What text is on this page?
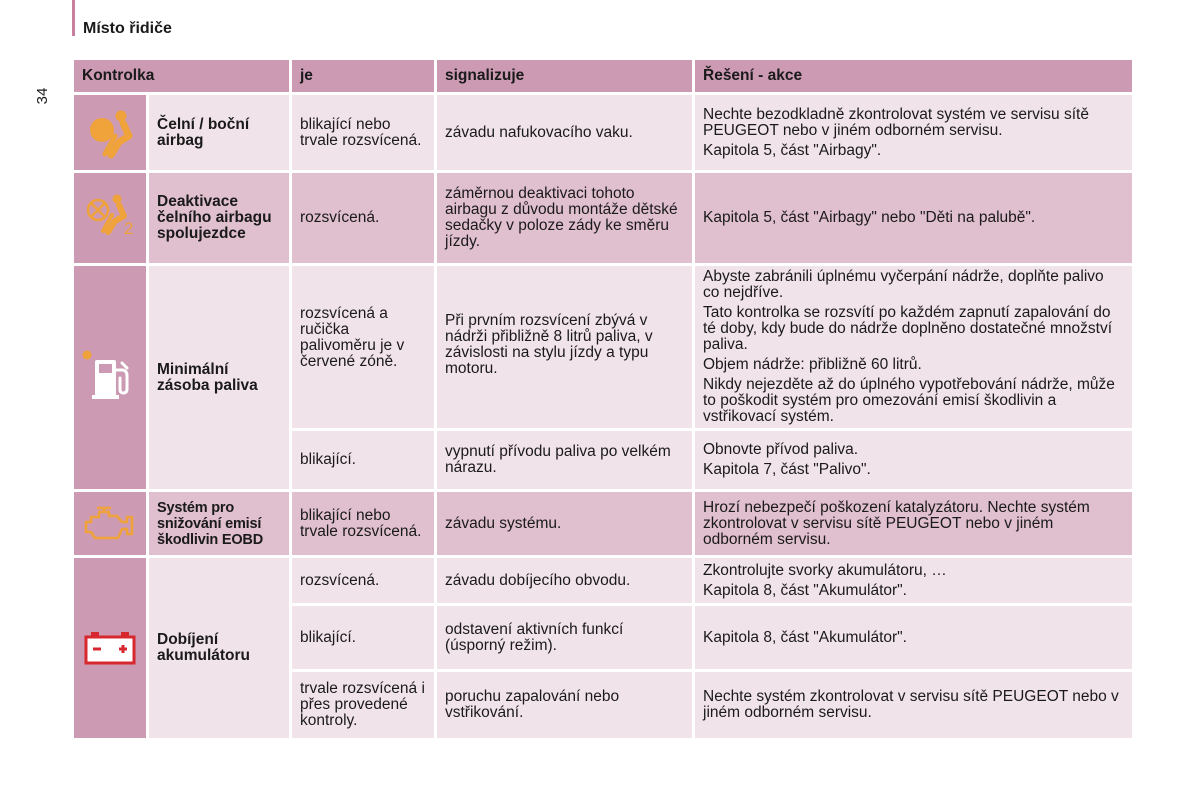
Místo řidiče
34
Kontrolka		je	signalizuje	Řešení - akce

	Čelní / boční airbag	blikající nebo trvale rozsvícená.	závadu nafukovacího vaku.	Nechte bezodkladně zkontrolovat systém ve servisu sítě PEUGEOT nebo v jiném odborném servisu.

Kapitola 5, část "Airbagy".

2	Deaktivace čelního airbagu spolujezdce	rozsvícená.	záměrnou deaktivaci tohoto airbagu z důvodu montáže dětské sedačky v poloze zády ke směru jízdy.	Kapitola 5, část "Airbagy" nebo "Děti na palubě".

	Minimální zásoba paliva	rozsvícená a ručička palivoměru je v červené zóně.	Při prvním rozsvícení zbývá v nádrži přibližně 8 litrů paliva, v závislosti na stylu jízdy a typu motoru.	Abyste zabránili úplnému vyčerpání nádrže, doplňte palivo co nejdříve.

Tato kontrolka se rozsvítí po každém zapnutí zapalování do té doby, kdy bude do nádrže doplněno dostatečné množství paliva.

Objem nádrže: přibližně 60 litrů.

Nikdy nejezděte až do úplného vypotřebování nádrže, může to poškodit systém pro omezování emisí škodlivin a vstřikovací systém.

		blikající.	vypnutí přívodu paliva po velkém nárazu.	Obnovte přívod paliva.

Kapitola 7, část "Palivo".

	Systém pro snižování emisí škodlivin EOBD	blikající nebo trvale rozsvícená.	závadu systému.	Hrozí nebezpečí poškození katalyzátoru. Nechte systém zkontrolovat v servisu sítě PEUGEOT nebo v jiném odborném servisu.

	Dobíjení akumulátoru	rozsvícená.	závadu dobíjecího obvodu.	Zkontrolujte svorky akumulátoru, …

Kapitola 8, část "Akumulátor".

		blikající.	odstavení aktivních funkcí (úsporný režim).	Kapitola 8, část "Akumulátor".

		trvale rozsvícená i přes provedené kontroly.	poruchu zapalování nebo vstřikování.	Nechte systém zkontrolovat v servisu sítě PEUGEOT nebo v jiném odborném servisu.
